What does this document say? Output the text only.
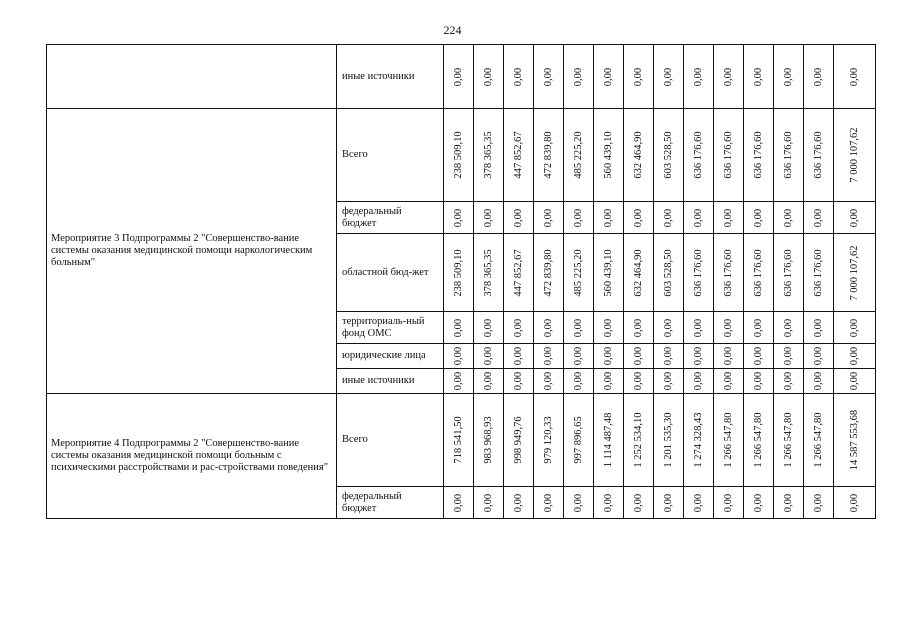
224
	иные источники	0,00	0,00	0,00	0,00	0,00	0,00	0,00	0,00	0,00	0,00	0,00	0,00	0,00	0,00

Мероприятие 3 Подпрограммы 2 "Совершенство-вание системы оказания медицинской помощи наркологическим больным"	Всего	238 509,10	378 365,35	447 852,67	472 839,80	485 225,20	560 439,10	632 464,90	603 528,50	636 176,60	636 176,60	636 176,60	636 176,60	636 176,60	7 000 107,62

	федеральный бюджет	0,00	0,00	0,00	0,00	0,00	0,00	0,00	0,00	0,00	0,00	0,00	0,00	0,00	0,00

	областной бюд-жет	238 509,10	378 365,35	447 852,67	472 839,80	485 225,20	560 439,10	632 464,90	603 528,50	636 176,60	636 176,60	636 176,60	636 176,60	636 176,60	7 000 107,62

	территориаль-ный фонд ОМС	0,00	0,00	0,00	0,00	0,00	0,00	0,00	0,00	0,00	0,00	0,00	0,00	0,00	0,00

	юридические лица	0,00	0,00	0,00	0,00	0,00	0,00	0,00	0,00	0,00	0,00	0,00	0,00	0,00	0,00

	иные источники	0,00	0,00	0,00	0,00	0,00	0,00	0,00	0,00	0,00	0,00	0,00	0,00	0,00	0,00

Мероприятие 4 Подпрограммы 2 "Совершенство-вание системы оказания медицинской помощи больным с психическими расстройствами и рас-стройствами поведения"	Всего	718 541,50	983 968,93	998 949,76	979 120,33	997 896,65	1 114 487,48	1 252 534,10	1 201 535,30	1 274 328,43	1 266 547,80	1 266 547,80	1 266 547,80	1 266 547,80	14 587 553,68

	федеральный бюджет	0,00	0,00	0,00	0,00	0,00	0,00	0,00	0,00	0,00	0,00	0,00	0,00	0,00	0,00
